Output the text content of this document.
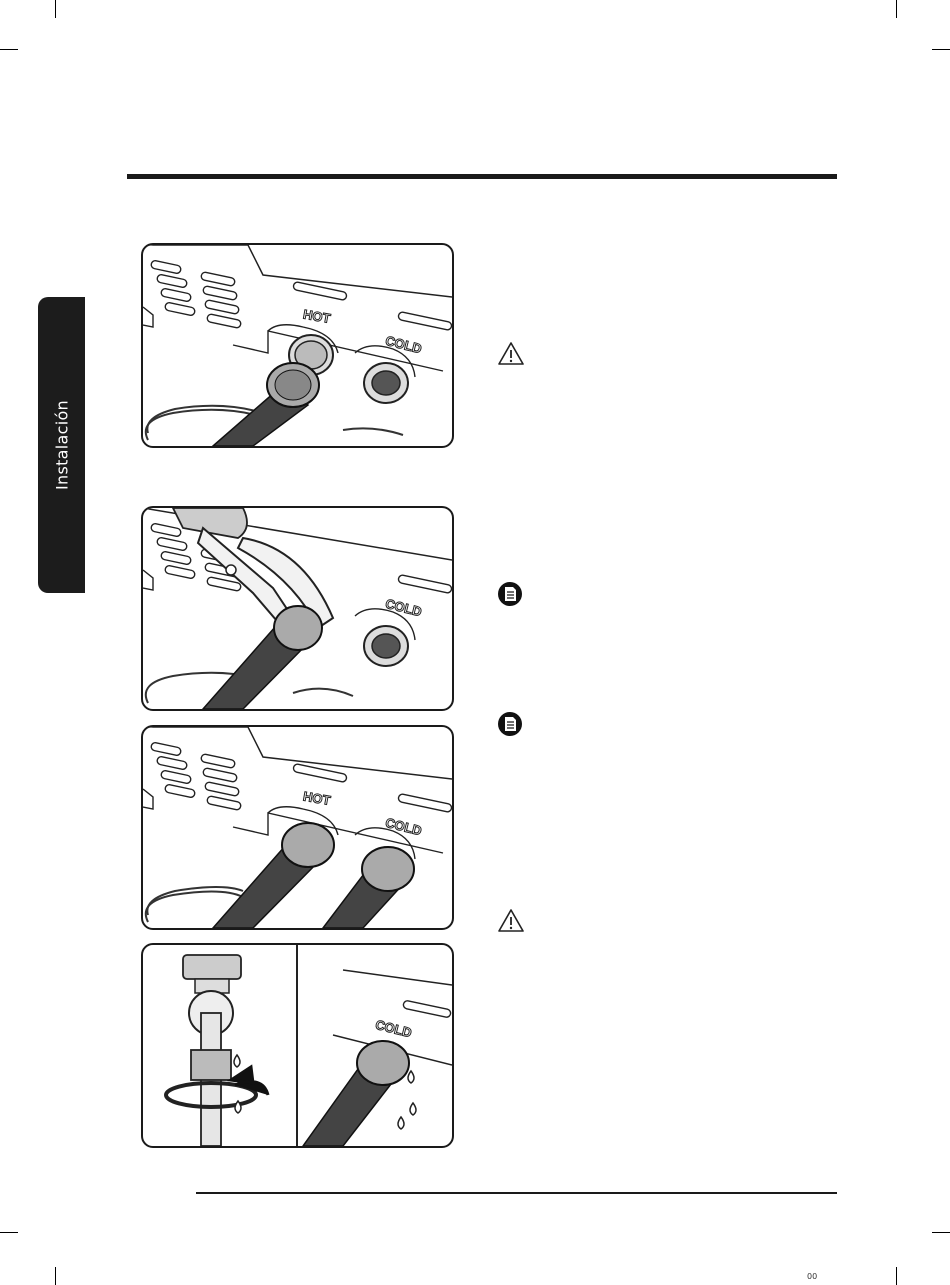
Instalación
HOT
COLD
COLD
HOT
COLD
COLD
00
